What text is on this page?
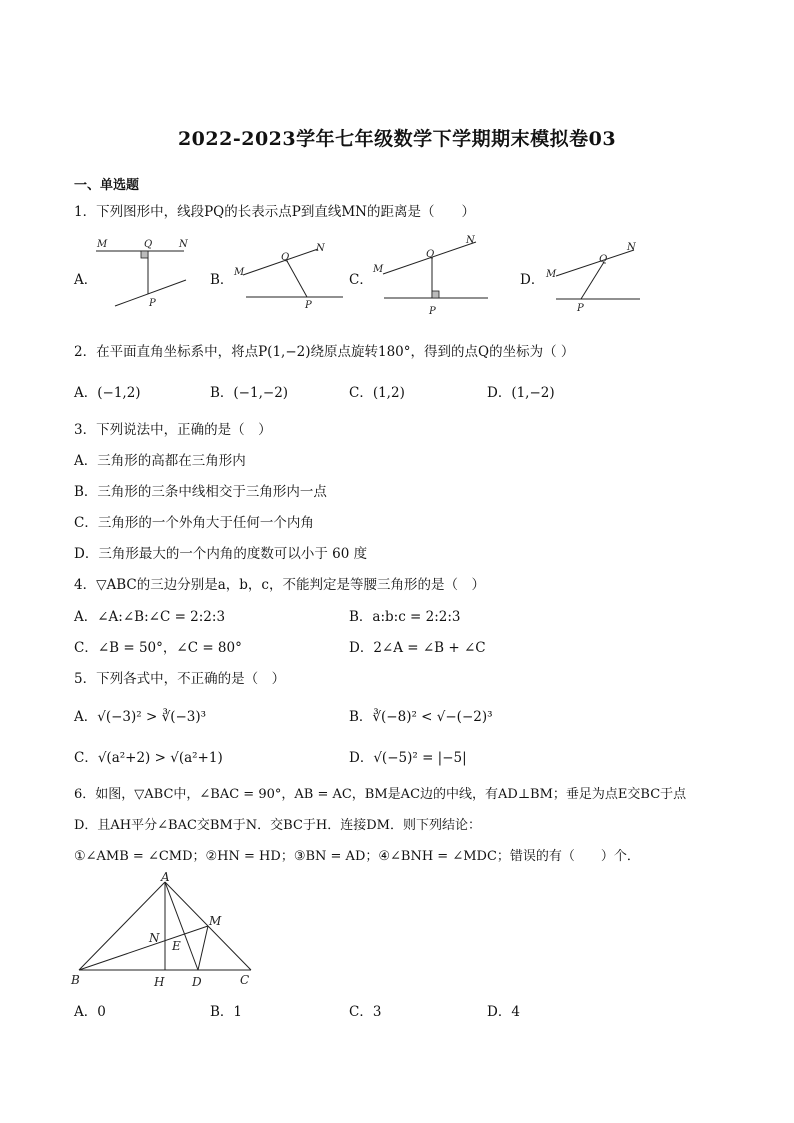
2022-2023学年七年级数学下学期期末模拟卷03
一、单选题
1．下列图形中，线段PQ的长表示点P到直线MN的距离是（　　）
A．	B．	C．	D．
M	Q	N
P
M
Q
N
P
M
Q
N
P
M
Q
N
P
2．在平面直角坐标系中，将点P(1,−2)绕原点旋转180°，得到的点Q的坐标为（ ）
A．(−1,2)	B．(−1,−2)	C．(1,2)	D．(1,−2)
3．下列说法中，正确的是（　）
A．三角形的高都在三角形内
B．三角形的三条中线相交于三角形内一点
C．三角形的一个外角大于任何一个内角
D．三角形最大的一个内角的度数可以小于 60 度
4．▽ABC的三边分别是a，b，c，不能判定是等腰三角形的是（　）
A．∠A:∠B:∠C = 2:2:3	B．a:b:c = 2:2:3
C．∠B = 50°，∠C = 80°	D．2∠A = ∠B + ∠C
5．下列各式中，不正确的是（　）
A．√(−3)² > ∛(−3)³	B．∛(−8)² < √−(−2)³
C．√(a²+2) > √(a²+1)	D．√(−5)² = |−5|
6．如图，▽ABC中，∠BAC = 90°，AB = AC，BM是AC边的中线，有AD⊥BM；垂足为点E交BC于点
D．且AH平分∠BAC交BM于N．交BC于H．连接DM．则下列结论：
①∠AMB = ∠CMD；②HN = HD；③BN = AD；④∠BNH = ∠MDC；错误的有（　　）个．
A
B	C
D
E
H
M
N
A．0	B．1	C．3	D．4
